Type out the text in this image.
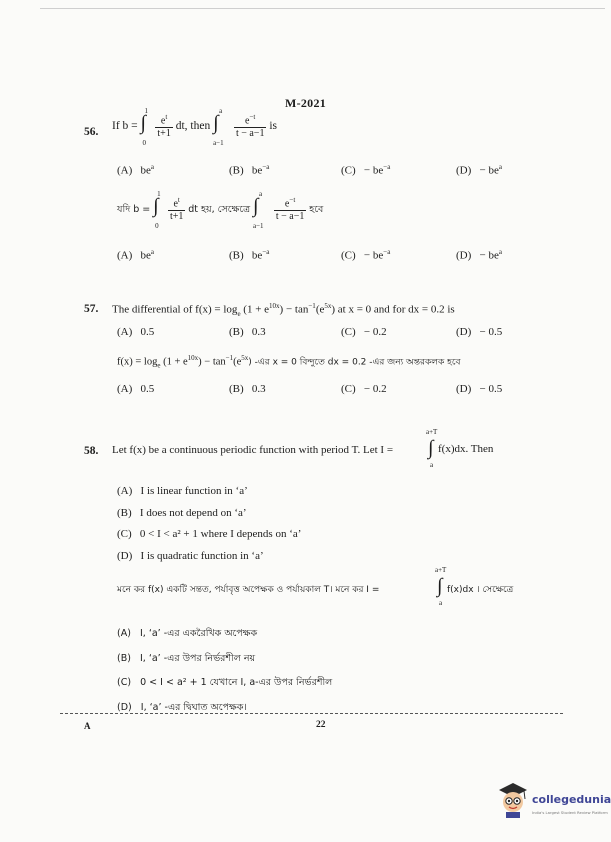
M-2021
56. If b =
1
∫
0

$\frac{e^t}{t+1}$ dt, then
a
∫
a−1

$\frac{e^{-t}}{t - a-1}$ is
(A) $be^a$	(B) $be^{-a}$	$(C) - be^{-a}$	$(D) - be^a$
যদি b =
1
∫
0

$\frac{e^t}{t+1}$ dt হয়, সেক্ষেত্রে
a
∫
a−1

$\frac{e^{-t}}{t - a-1}$ হবে
(A) $be^a$	(B) $be^{-a}$	$(C) - be^{-a}$	$(D) - be^a$
57. The differential of $f(x) = \log_e (1 + e^{10x}) - \tan^{-1}(e^{5x})$ at x = 0 and for dx = 0.2 is
(A) 0.5	(B) 0.3	(C) − 0.2	(D) − 0.5
$f(x) = \log_e (1 + e^{10x}) - \tan^{-1}(e^{5x})$ -এর x = 0 বিন্দুতে dx = 0.2 -এর জন্য অন্তরকলক হবে
(A) 0.5	(B) 0.3	(C) − 0.2	(D) − 0.5
58. Let f(x) be a continuous periodic function with period T. Let I =
a+T
∫
a
f(x)dx. Then
(A) I is linear function in ‘a’
(B) I does not depend on ‘a’
(C) 0 < I < a² + 1 where I depends on ‘a’
(D) I is quadratic function in ‘a’
মনে কর f(x) একটি সন্তত, পর্যাবৃত্ত অপেক্ষক ও পর্যায়কাল T। মনে কর I =
a+T
∫
a
f(x)dx । সেক্ষেত্রে
(A) I, ‘a’ -এর একরৈখিক অপেক্ষক
(B) I, ‘a’ -এর উপর নির্ভরশীল নয়
(C) 0 < I < a² + 1 যেখানে I, a-এর উপর নির্ভরশীল
(D) I, ‘a’ -এর দ্বিঘাত অপেক্ষক।
A	22
collegedunia
India's Largest Student Review Platform
